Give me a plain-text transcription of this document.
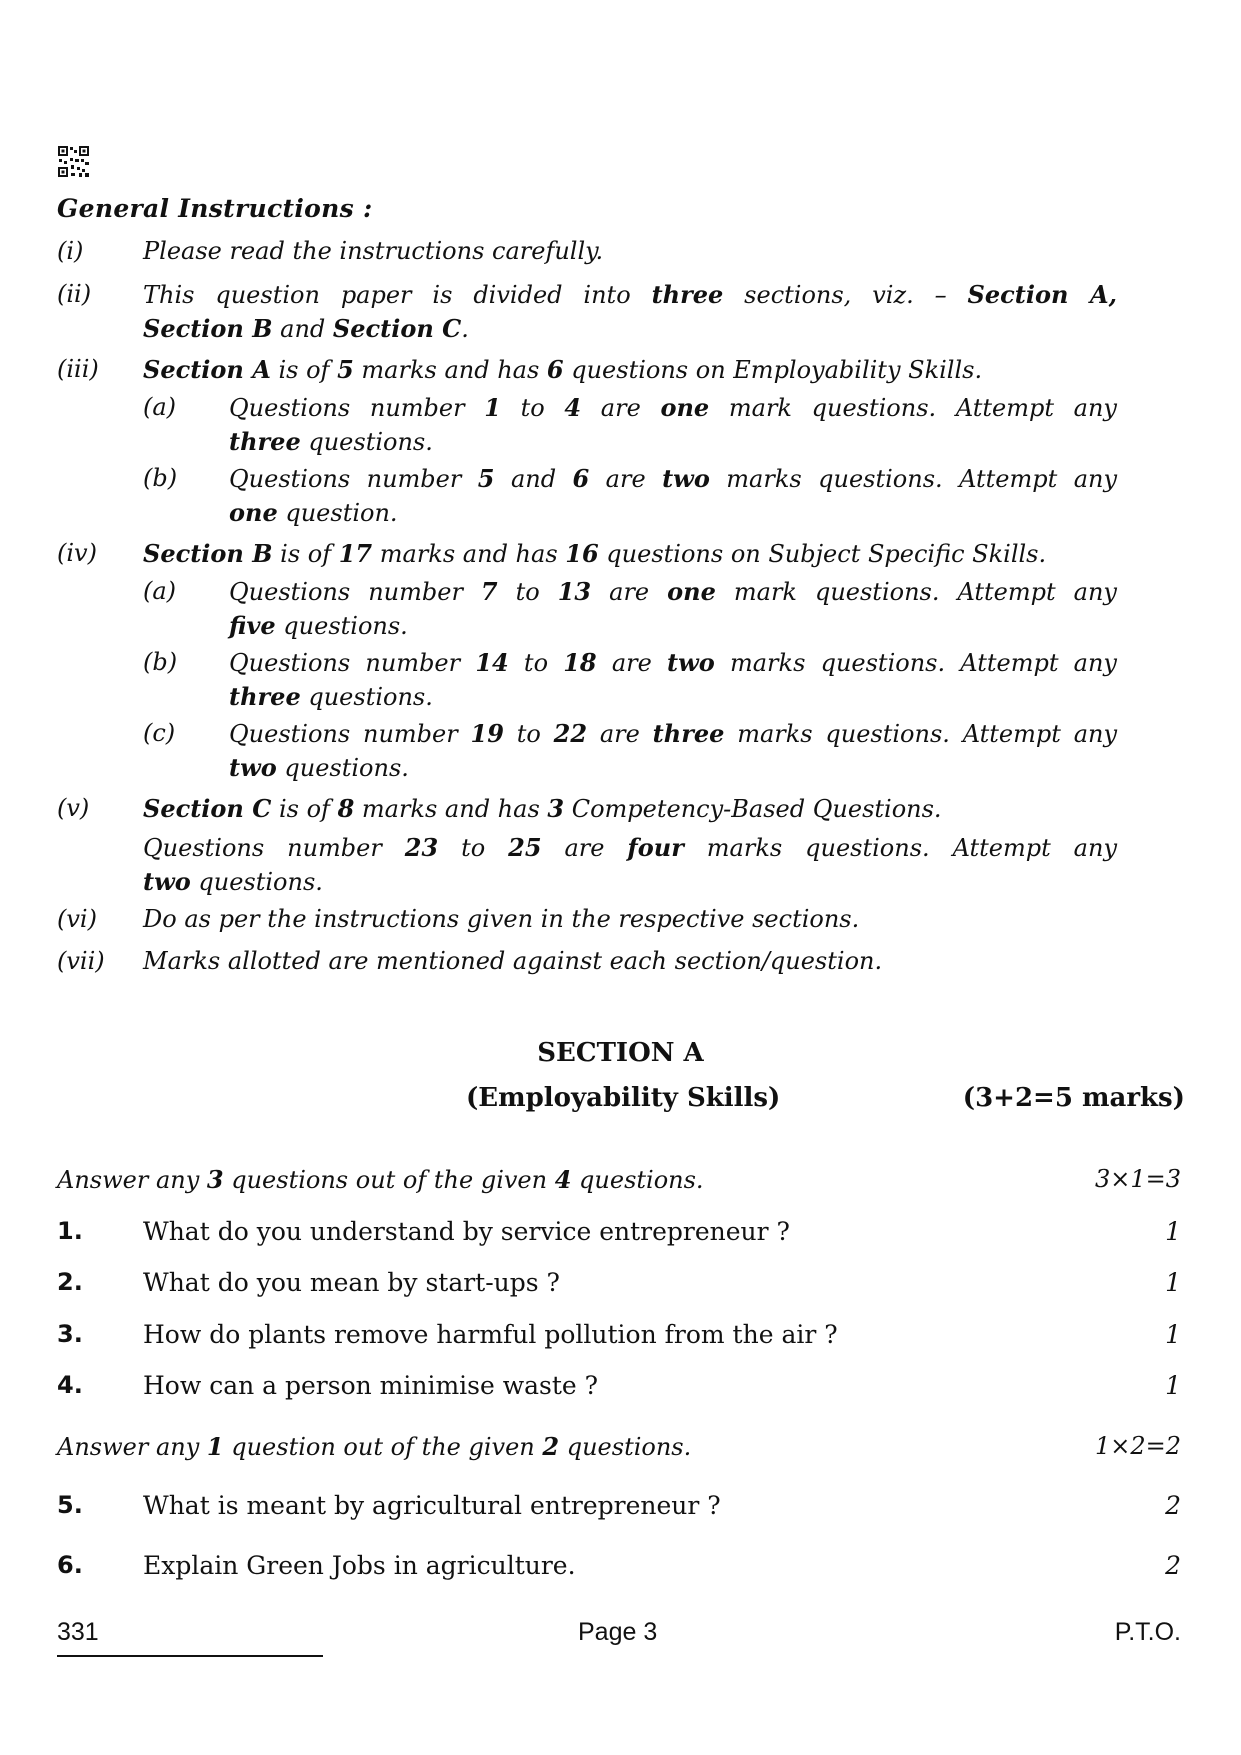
General Instructions :
(i) Please read the instructions carefully.
(ii) This question paper is divided into three sections, viz. – Section A,
Section B and Section C.
(iii) Section A is of 5 marks and has 6 questions on Employability Skills.
(a) Questions number 1 to 4 are one mark questions. Attempt any
three questions.
(b) Questions number 5 and 6 are two marks questions. Attempt any
one question.
(iv) Section B is of 17 marks and has 16 questions on Subject Specific Skills.
(a) Questions number 7 to 13 are one mark questions. Attempt any
five questions.
(b) Questions number 14 to 18 are two marks questions. Attempt any
three questions.
(c) Questions number 19 to 22 are three marks questions. Attempt any
two questions.
(v) Section C is of 8 marks and has 3 Competency-Based Questions.
Questions number 23 to 25 are four marks questions. Attempt any
two questions.
(vi) Do as per the instructions given in the respective sections.
(vii) Marks allotted are mentioned against each section/question.
SECTION A
(Employability Skills)	(3+2=5 marks)
Answer any 3 questions out of the given 4 questions.	3×1=3
1. What do you understand by service entrepreneur ?	1
2. What do you mean by start-ups ?	1
3. How do plants remove harmful pollution from the air ?	1
4. How can a person minimise waste ?	1
Answer any 1 question out of the given 2 questions.	1×2=2
5. What is meant by agricultural entrepreneur ?	2
6. Explain Green Jobs in agriculture.	2
331	Page 3	P.T.O.
